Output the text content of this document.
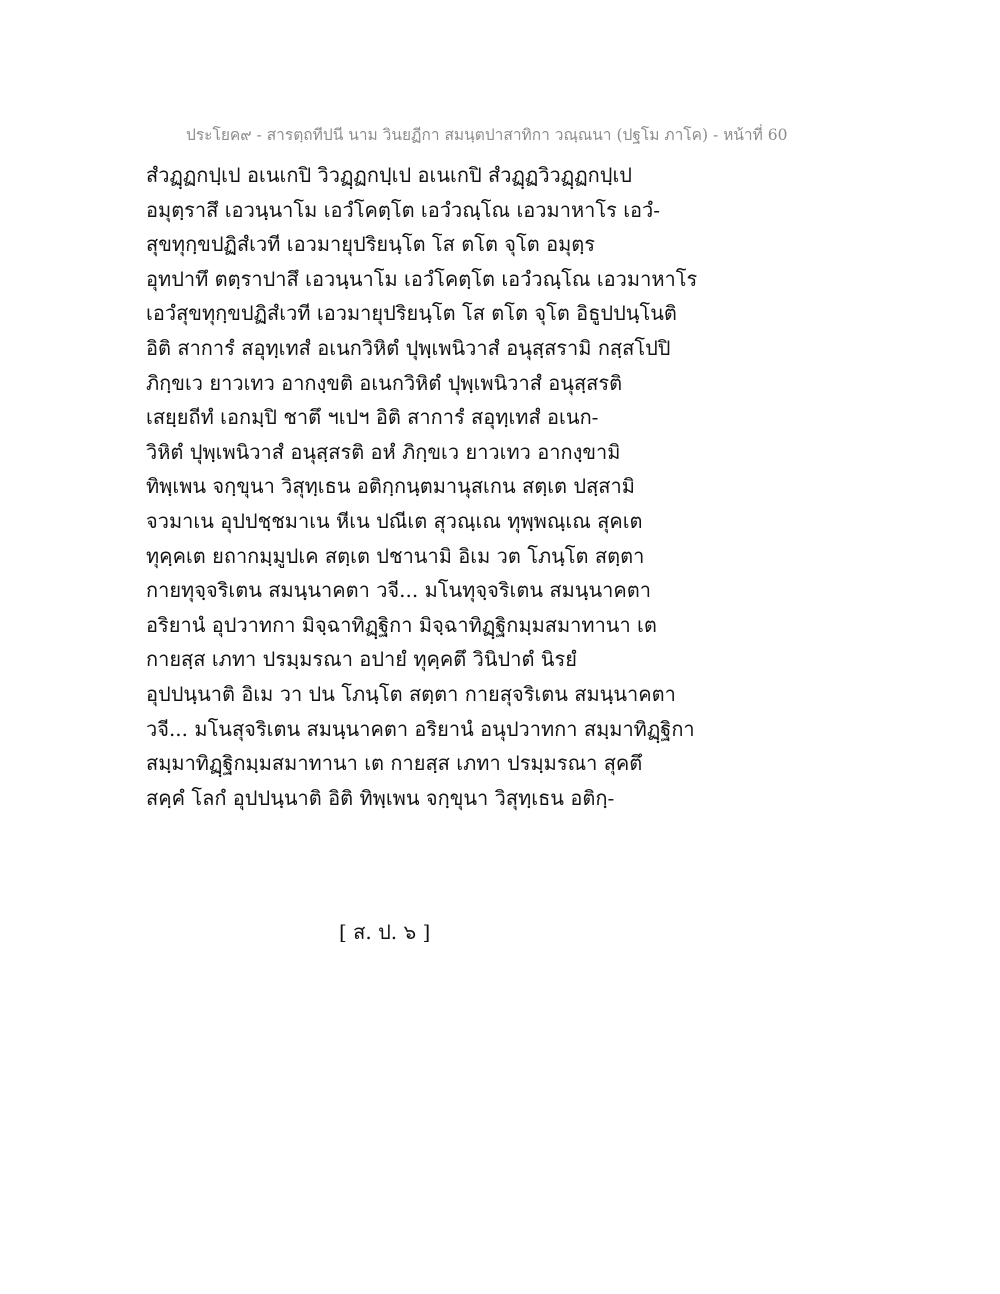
ประโยค๙ - สารตฺถทีปนี นาม วินยฏีกา สมนฺตปาสาทิกา วณฺณนา (ปฐโม ภาโค) - หน้าที่ 60
สํวฏฺฏกปฺเป อเนเกปิ วิวฏฺฏกปฺเป อเนเกปิ สํวฏฺฏวิวฏฺฏกปฺเป
อมุตฺราสึ เอวนฺนาโม เอวํโคตฺโต เอวํวณฺโณ เอวมาหาโร เอวํ-
สุขทุกฺขปฏิสํเวที เอวมายุปริยนฺโต โส ตโต จุโต อมุตฺร
อุทปาทึ ตตฺราปาสึ เอวนฺนาโม เอวํโคตฺโต เอวํวณฺโณ เอวมาหาโร
เอวํสุขทุกฺขปฏิสํเวที เอวมายุปริยนฺโต โส ตโต จุโต อิธูปปนฺโนติ
อิติ สาการํ สอุทฺเทสํ อเนกวิหิตํ ปุพฺเพนิวาสํ อนุสฺสรามิ กสฺสโปปิ
ภิกฺขเว ยาวเทว อากงฺขติ อเนกวิหิตํ ปุพฺเพนิวาสํ อนุสฺสรติ
เสยฺยถีทํ เอกมฺปิ ชาตึ ฯเปฯ อิติ สาการํ สอุทฺเทสํ อเนก-
วิหิตํ ปุพฺเพนิวาสํ อนุสฺสรติ อหํ ภิกฺขเว ยาวเทว อากงฺขามิ
ทิพฺเพน จกฺขุนา วิสุทฺเธน อติกฺกนฺตมานุสเกน สตฺเต ปสฺสามิ
จวมาเน อุปปชฺชมาเน หีเน ปณีเต สุวณฺเณ ทุพฺพณฺเณ สุคเต
ทุคฺคเต ยถากมฺมูปเค สตฺเต ปชานามิ อิเม วต โภนฺโต สตฺตา
กายทุจฺจริเตน สมนฺนาคตา วจี... มโนทุจฺจริเตน สมนฺนาคตา
อริยานํ อุปวาทกา มิจฺฉาทิฏฺฐิกา มิจฺฉาทิฏฺฐิกมฺมสมาทานา เต
กายสฺส เภทา ปรมฺมรณา อปายํ ทุคฺคตึ วินิปาตํ นิรยํ
อุปปนฺนาติ อิเม วา ปน โภนฺโต สตฺตา กายสุจริเตน สมนฺนาคตา
วจี... มโนสุจริเตน สมนฺนาคตา อริยานํ อนุปวาทกา สมฺมาทิฏฺฐิกา
สมฺมาทิฏฺฐิกมฺมสมาทานา เต กายสฺส เภทา ปรมฺมรณา สุคตึ
สคฺคํ โลกํ อุปปนฺนาติ อิติ ทิพฺเพน จกฺขุนา วิสุทฺเธน อติกฺ-
[ ส. ป. ๖ ]
